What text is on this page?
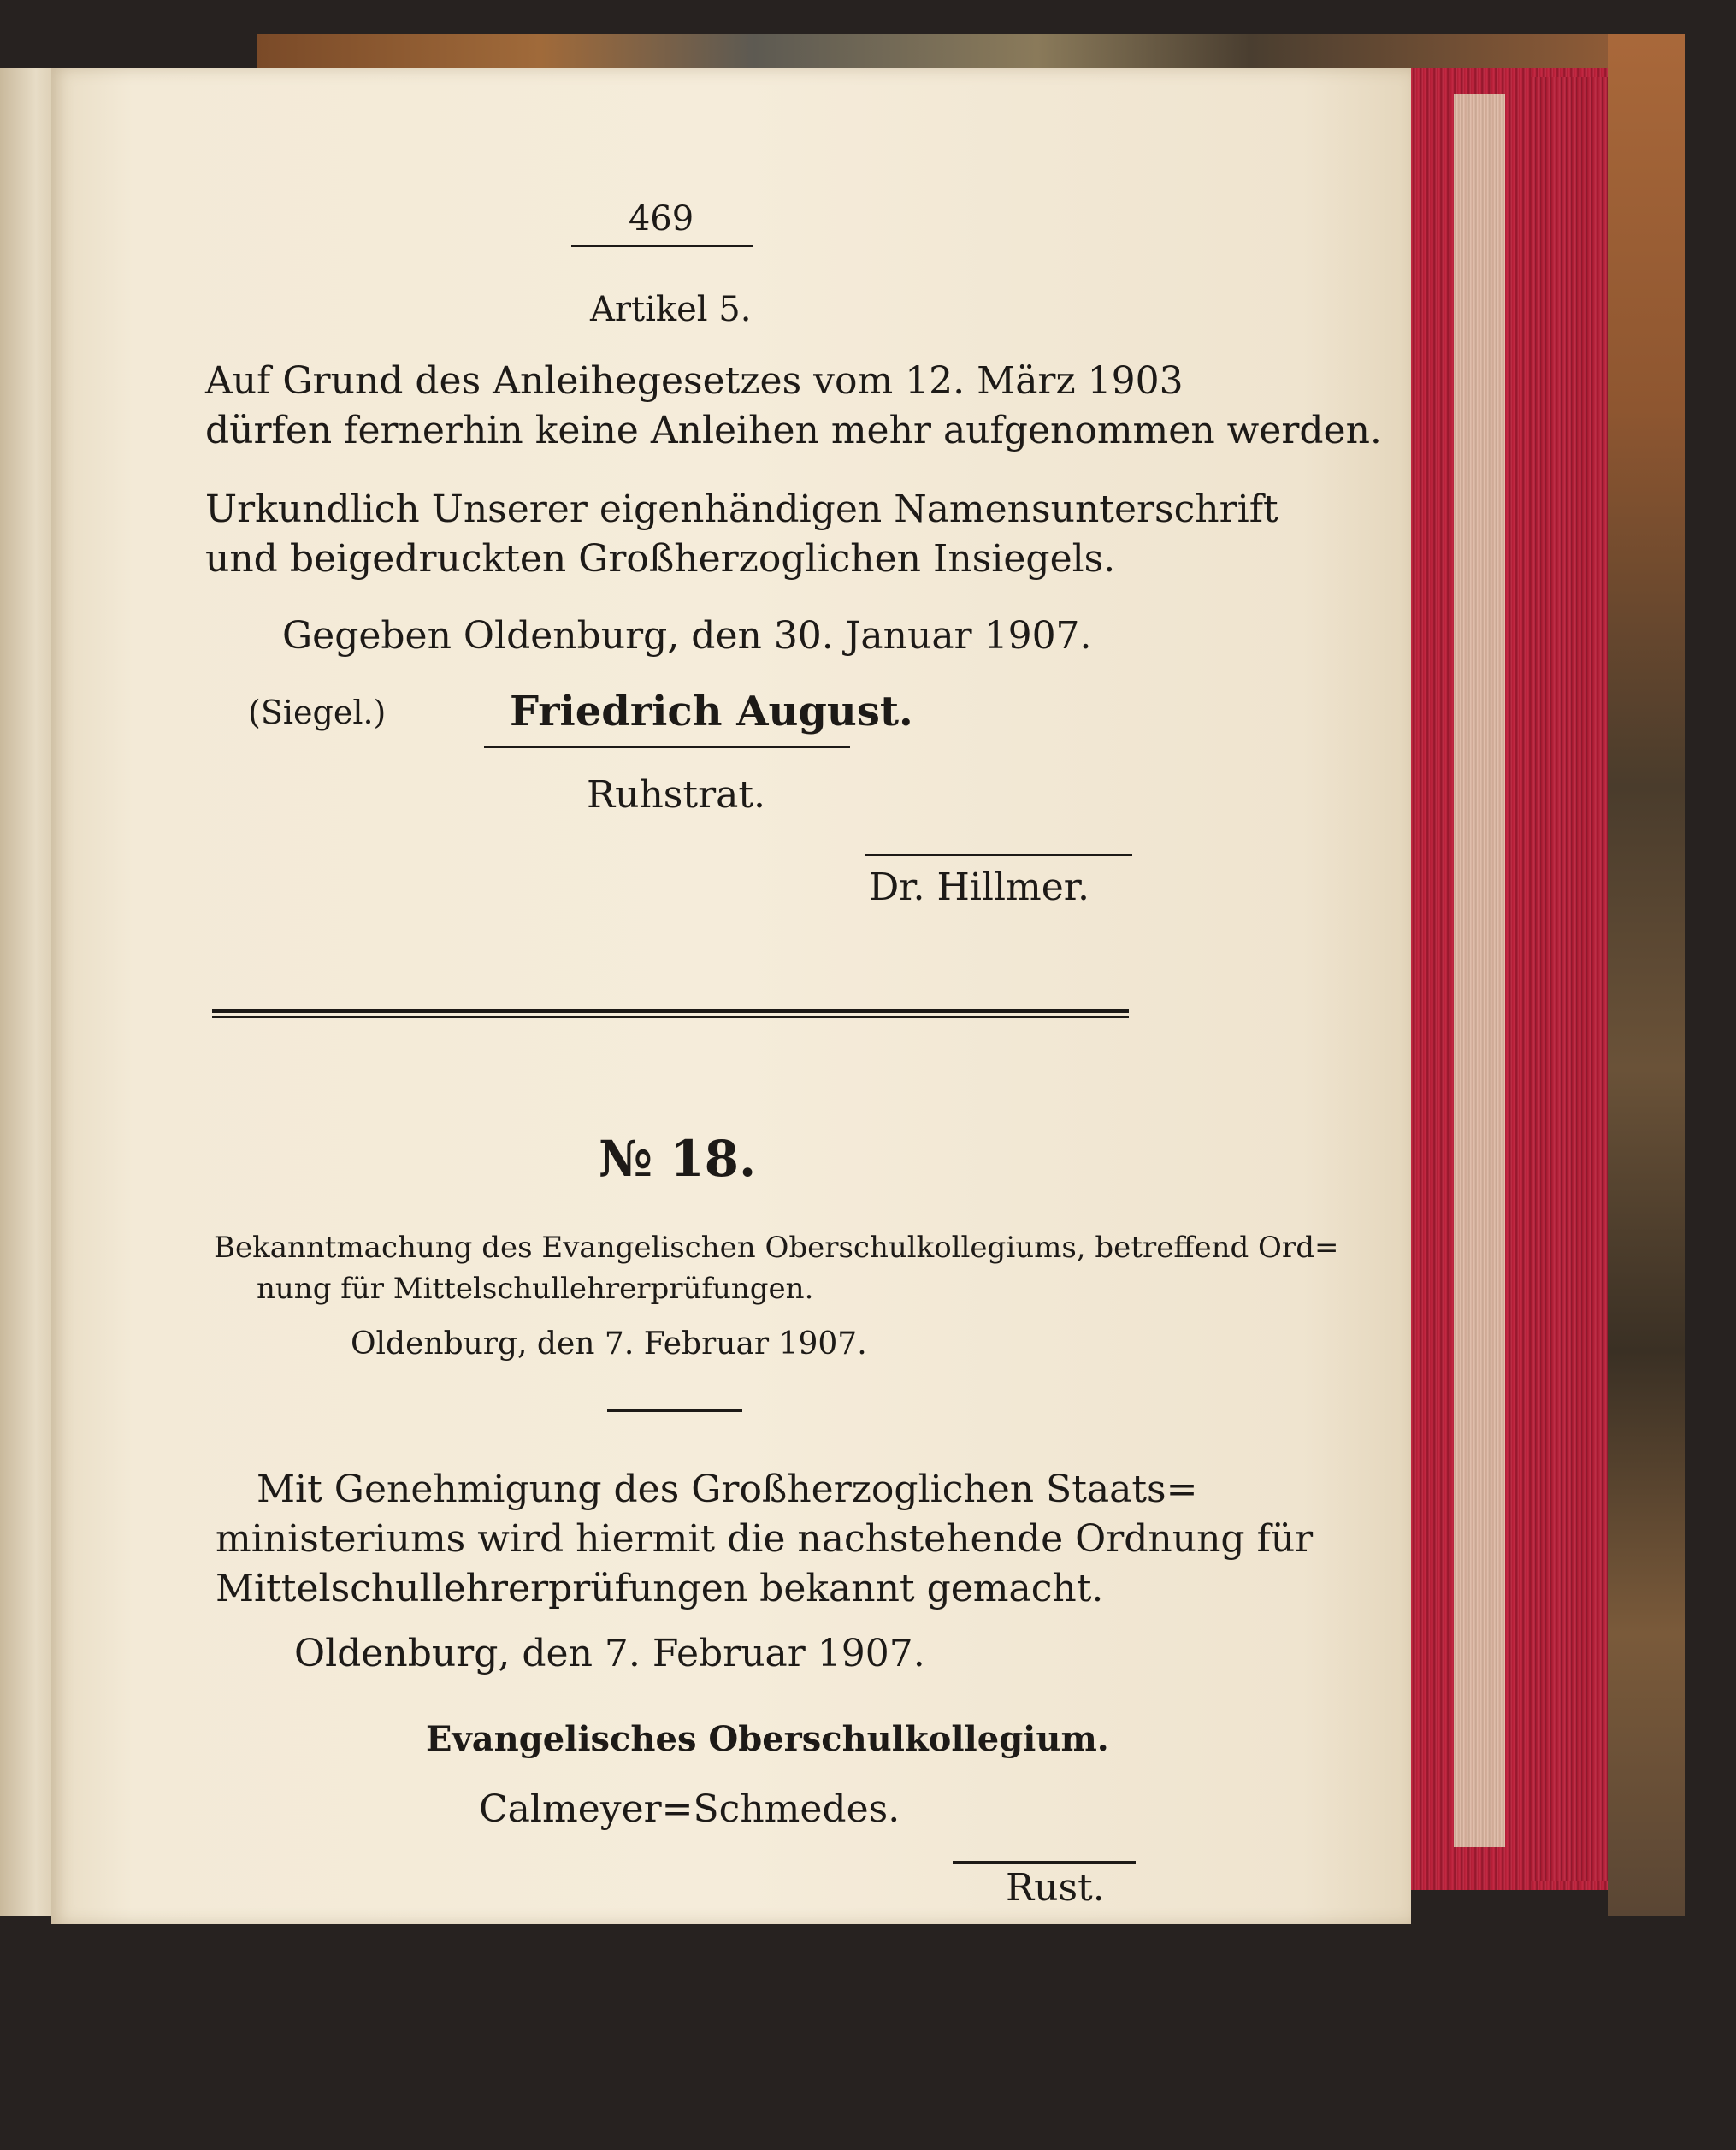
469
Artikel 5.
Auf Grund des Anleihegesetzes vom 12. März 1903
dürfen fernerhin keine Anleihen mehr aufgenommen werden.
Urkundlich Unserer eigenhändigen Namensunterschrift
und beigedruckten Großherzoglichen Insiegels.
Gegeben Oldenburg, den 30. Januar 1907.
(Siegel.)	Friedrich August.
Ruhstrat.
Dr. Hillmer.
№ 18.
Bekanntmachung des Evangelischen Oberschulkollegiums, betreffend Ord=
nung für Mittelschullehrerprüfungen.
Oldenburg, den 7. Februar 1907.
Mit Genehmigung des Großherzoglichen Staats=
ministeriums wird hiermit die nachstehende Ordnung für
Mittelschullehrerprüfungen bekannt gemacht.
Oldenburg, den 7. Februar 1907.
Evangelisches Oberschulkollegium.
Calmeyer=Schmedes.
Rust.
